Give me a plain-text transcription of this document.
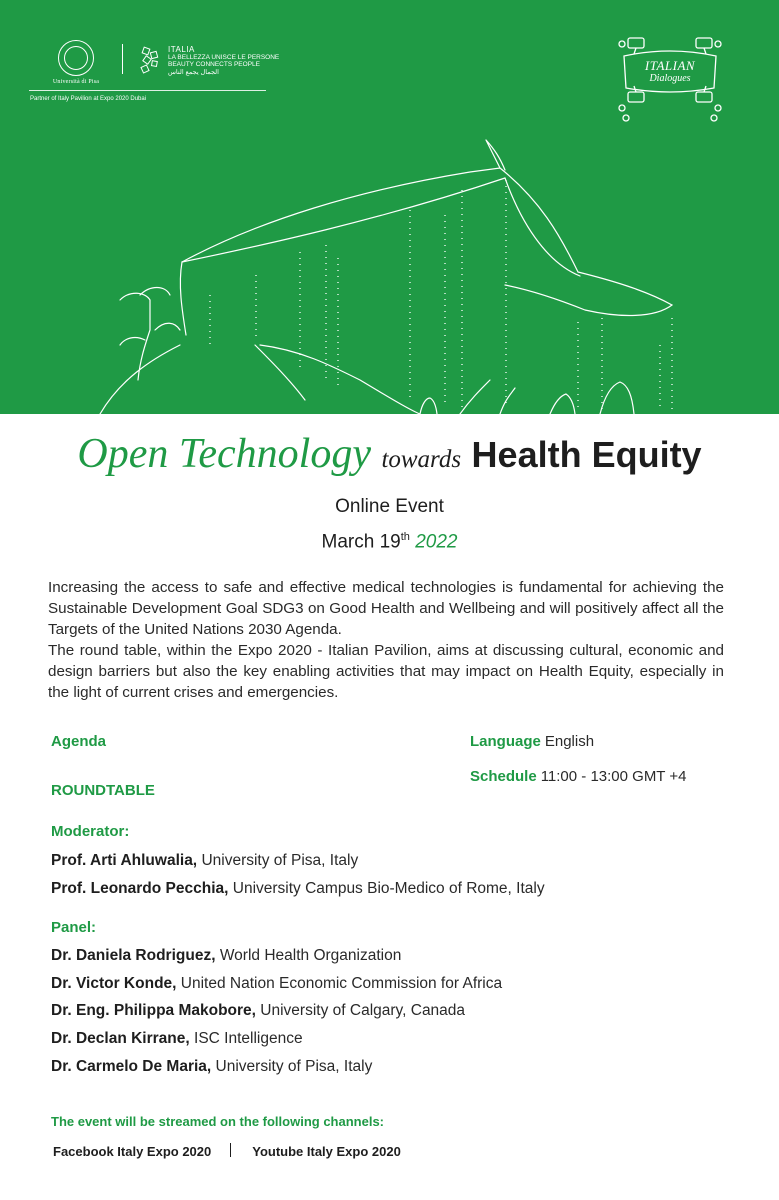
Università di Pisa
ITALIA
LA BELLEZZA UNISCE LE PERSONE
BEAUTY CONNECTS PEOPLE
الجمال يجمع الناس
Partner of Italy Pavilion at Expo 2020 Dubai
ITALIAN
Dialogues
Open Technology towards Health Equity
Online Event
March 19th 2022

Increasing the access to safe and effective medical technologies is fundamental for achieving the Sustainable Development Goal SDG3 on Good Health and Wellbeing and will positively affect all the Targets of the United Nations 2030 Agenda.

The round table, within the Expo 2020 - Italian Pavilion, aims at discussing cultural, economic and design barriers but also the key enabling activities that may impact on Health Equity, especially in the light of current crises and emergencies.

Agenda
ROUNDTABLE
Language English
Schedule 11:00 - 13:00 GMT +4
Moderator:
Prof. Arti Ahluwalia, University of Pisa, Italy
Prof. Leonardo Pecchia, University Campus Bio-Medico of Rome, Italy
Panel:
Dr. Daniela Rodriguez, World Health Organization
Dr. Victor Konde, United Nation Economic Commission for Africa
Dr. Eng. Philippa Makobore, University of Calgary, Canada
Dr. Declan Kirrane, ISC Intelligence
Dr. Carmelo De Maria, University of Pisa, Italy
The event will be streamed on the following channels:
Facebook Italy Expo 2020	Youtube Italy Expo 2020
